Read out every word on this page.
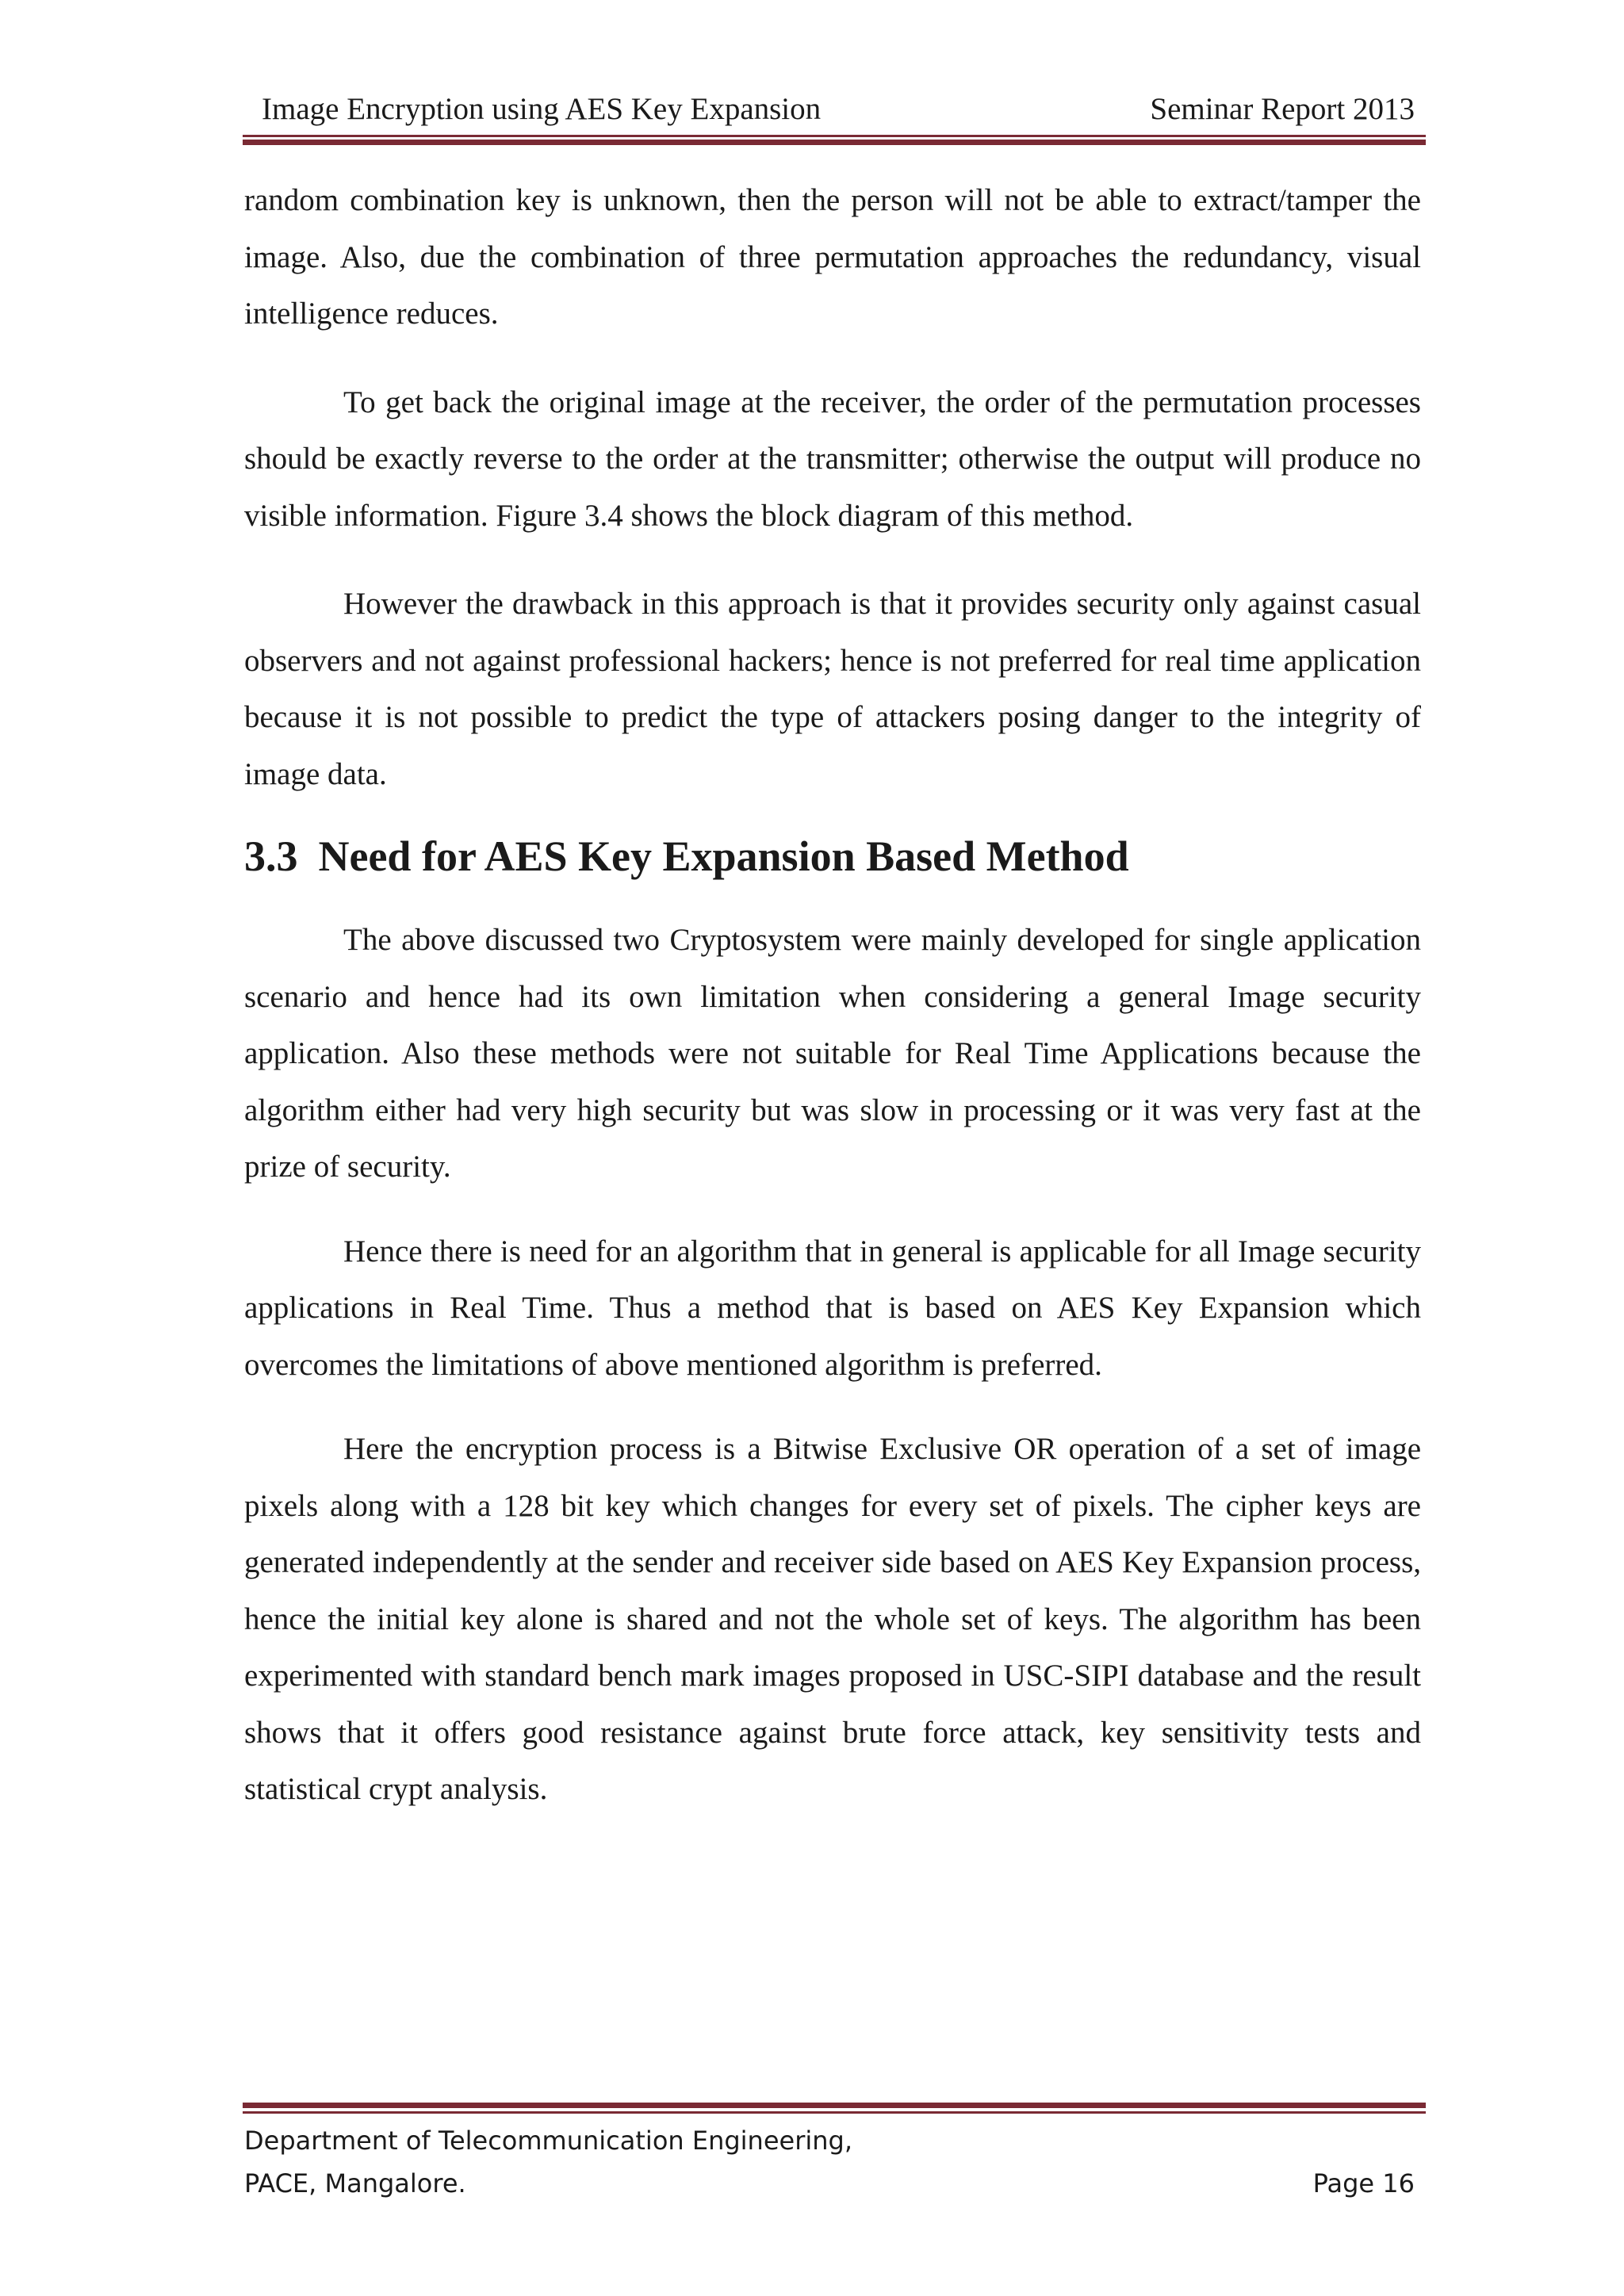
Image Encryption using AES Key Expansion	Seminar Report 2013

random combination key is unknown, then the person will not be able to extract/tamper the image. Also, due the combination of three permutation approaches the redundancy, visual intelligence reduces.

To get back the original image at the receiver, the order of the permutation processes should be exactly reverse to the order at the transmitter; otherwise the output will produce no visible information. Figure 3.4 shows the block diagram of this method.

However the drawback in this approach is that it provides security only against casual observers and not against professional hackers; hence is not preferred for real time application because it is not possible to predict the type of attackers posing danger to the integrity of image data.

3.3 Need for AES Key Expansion Based Method

The above discussed two Cryptosystem were mainly developed for single application scenario and hence had its own limitation when considering a general Image security application. Also these methods were not suitable for Real Time Applications because the algorithm either had very high security but was slow in processing or it was very fast at the prize of security.

Hence there is need for an algorithm that in general is applicable for all Image security applications in Real Time. Thus a method that is based on AES Key Expansion which overcomes the limitations of above mentioned algorithm is preferred.

Here the encryption process is a Bitwise Exclusive OR operation of a set of image pixels along with a 128 bit key which changes for every set of pixels. The cipher keys are generated independently at the sender and receiver side based on AES Key Expansion process, hence the initial key alone is shared and not the whole set of keys. The algorithm has been experimented with standard bench mark images proposed in USC-SIPI database and the result shows that it offers good resistance against brute force attack, key sensitivity tests and statistical crypt analysis.

Department of Telecommunication Engineering,
PACE, Mangalore.	Page 16
